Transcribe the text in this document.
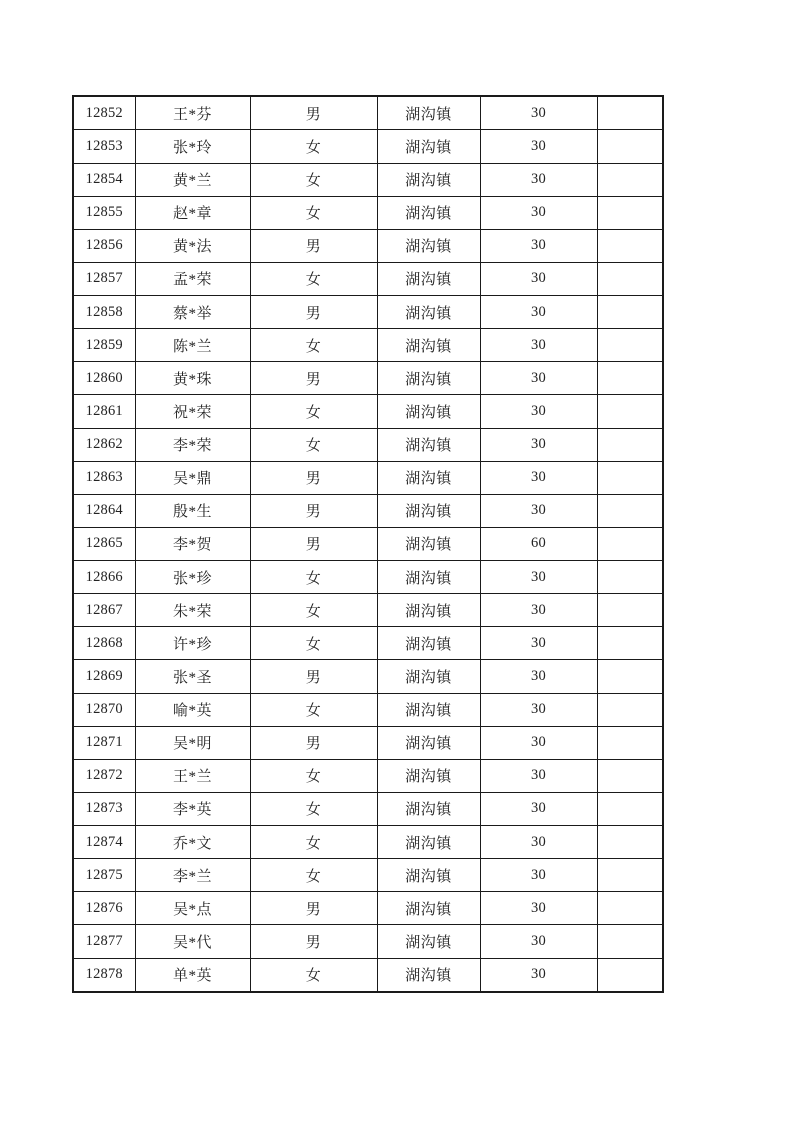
12852	王*芬	男	湖沟镇	30	
12853	张*玲	女	湖沟镇	30	
12854	黄*兰	女	湖沟镇	30	
12855	赵*章	女	湖沟镇	30	
12856	黄*法	男	湖沟镇	30	
12857	孟*荣	女	湖沟镇	30	
12858	蔡*举	男	湖沟镇	30	
12859	陈*兰	女	湖沟镇	30	
12860	黄*珠	男	湖沟镇	30	
12861	祝*荣	女	湖沟镇	30	
12862	李*荣	女	湖沟镇	30	
12863	吴*鼎	男	湖沟镇	30	
12864	殷*生	男	湖沟镇	30	
12865	李*贺	男	湖沟镇	60	
12866	张*珍	女	湖沟镇	30	
12867	朱*荣	女	湖沟镇	30	
12868	许*珍	女	湖沟镇	30	
12869	张*圣	男	湖沟镇	30	
12870	喻*英	女	湖沟镇	30	
12871	吴*明	男	湖沟镇	30	
12872	王*兰	女	湖沟镇	30	
12873	李*英	女	湖沟镇	30	
12874	乔*文	女	湖沟镇	30	
12875	李*兰	女	湖沟镇	30	
12876	吴*点	男	湖沟镇	30	
12877	吴*代	男	湖沟镇	30	
12878	单*英	女	湖沟镇	30	
